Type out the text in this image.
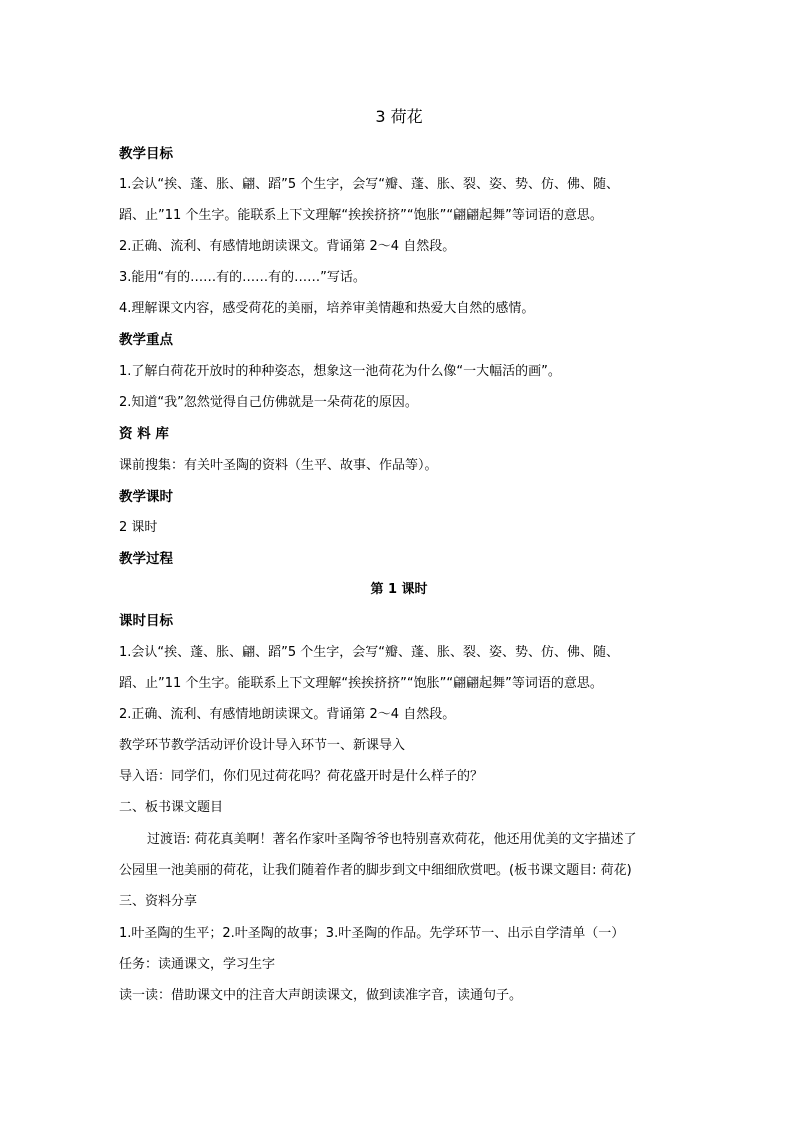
3 荷花
教学目标
1.会认“挨、蓬、胀、翩、蹈”5 个生字，会写“瓣、蓬、胀、裂、姿、势、仿、佛、随、
蹈、止”11 个生字。能联系上下文理解“挨挨挤挤”“饱胀”“翩翩起舞”等词语的意思。
2.正确、流利、有感情地朗读课文。背诵第 2～4 自然段。
3.能用“有的……有的……有的……”写话。
4.理解课文内容，感受荷花的美丽，培养审美情趣和热爱大自然的感情。
教学重点
1.了解白荷花开放时的种种姿态，想象这一池荷花为什么像“一大幅活的画”。
2.知道“我”忽然觉得自己仿佛就是一朵荷花的原因。
资 料 库
课前搜集：有关叶圣陶的资料（生平、故事、作品等）。
教学课时
2 课时
教学过程
第 1 课时
课时目标
1.会认“挨、蓬、胀、翩、蹈”5 个生字，会写“瓣、蓬、胀、裂、姿、势、仿、佛、随、
蹈、止”11 个生字。能联系上下文理解“挨挨挤挤”“饱胀”“翩翩起舞”等词语的意思。
2.正确、流利、有感情地朗读课文。背诵第 2～4 自然段。
教学环节教学活动评价设计导入环节一、新课导入
导入语：同学们，你们见过荷花吗？荷花盛开时是什么样子的？
二、板书课文题目
过渡语: 荷花真美啊！著名作家叶圣陶爷爷也特别喜欢荷花，他还用优美的文字描述了
公园里一池美丽的荷花，让我们随着作者的脚步到文中细细欣赏吧。(板书课文题目: 荷花)
三、资料分享
1.叶圣陶的生平；2.叶圣陶的故事；3.叶圣陶的作品。先学环节一、出示自学清单（一）
任务：读通课文，学习生字
读一读：借助课文中的注音大声朗读课文，做到读准字音，读通句子。
